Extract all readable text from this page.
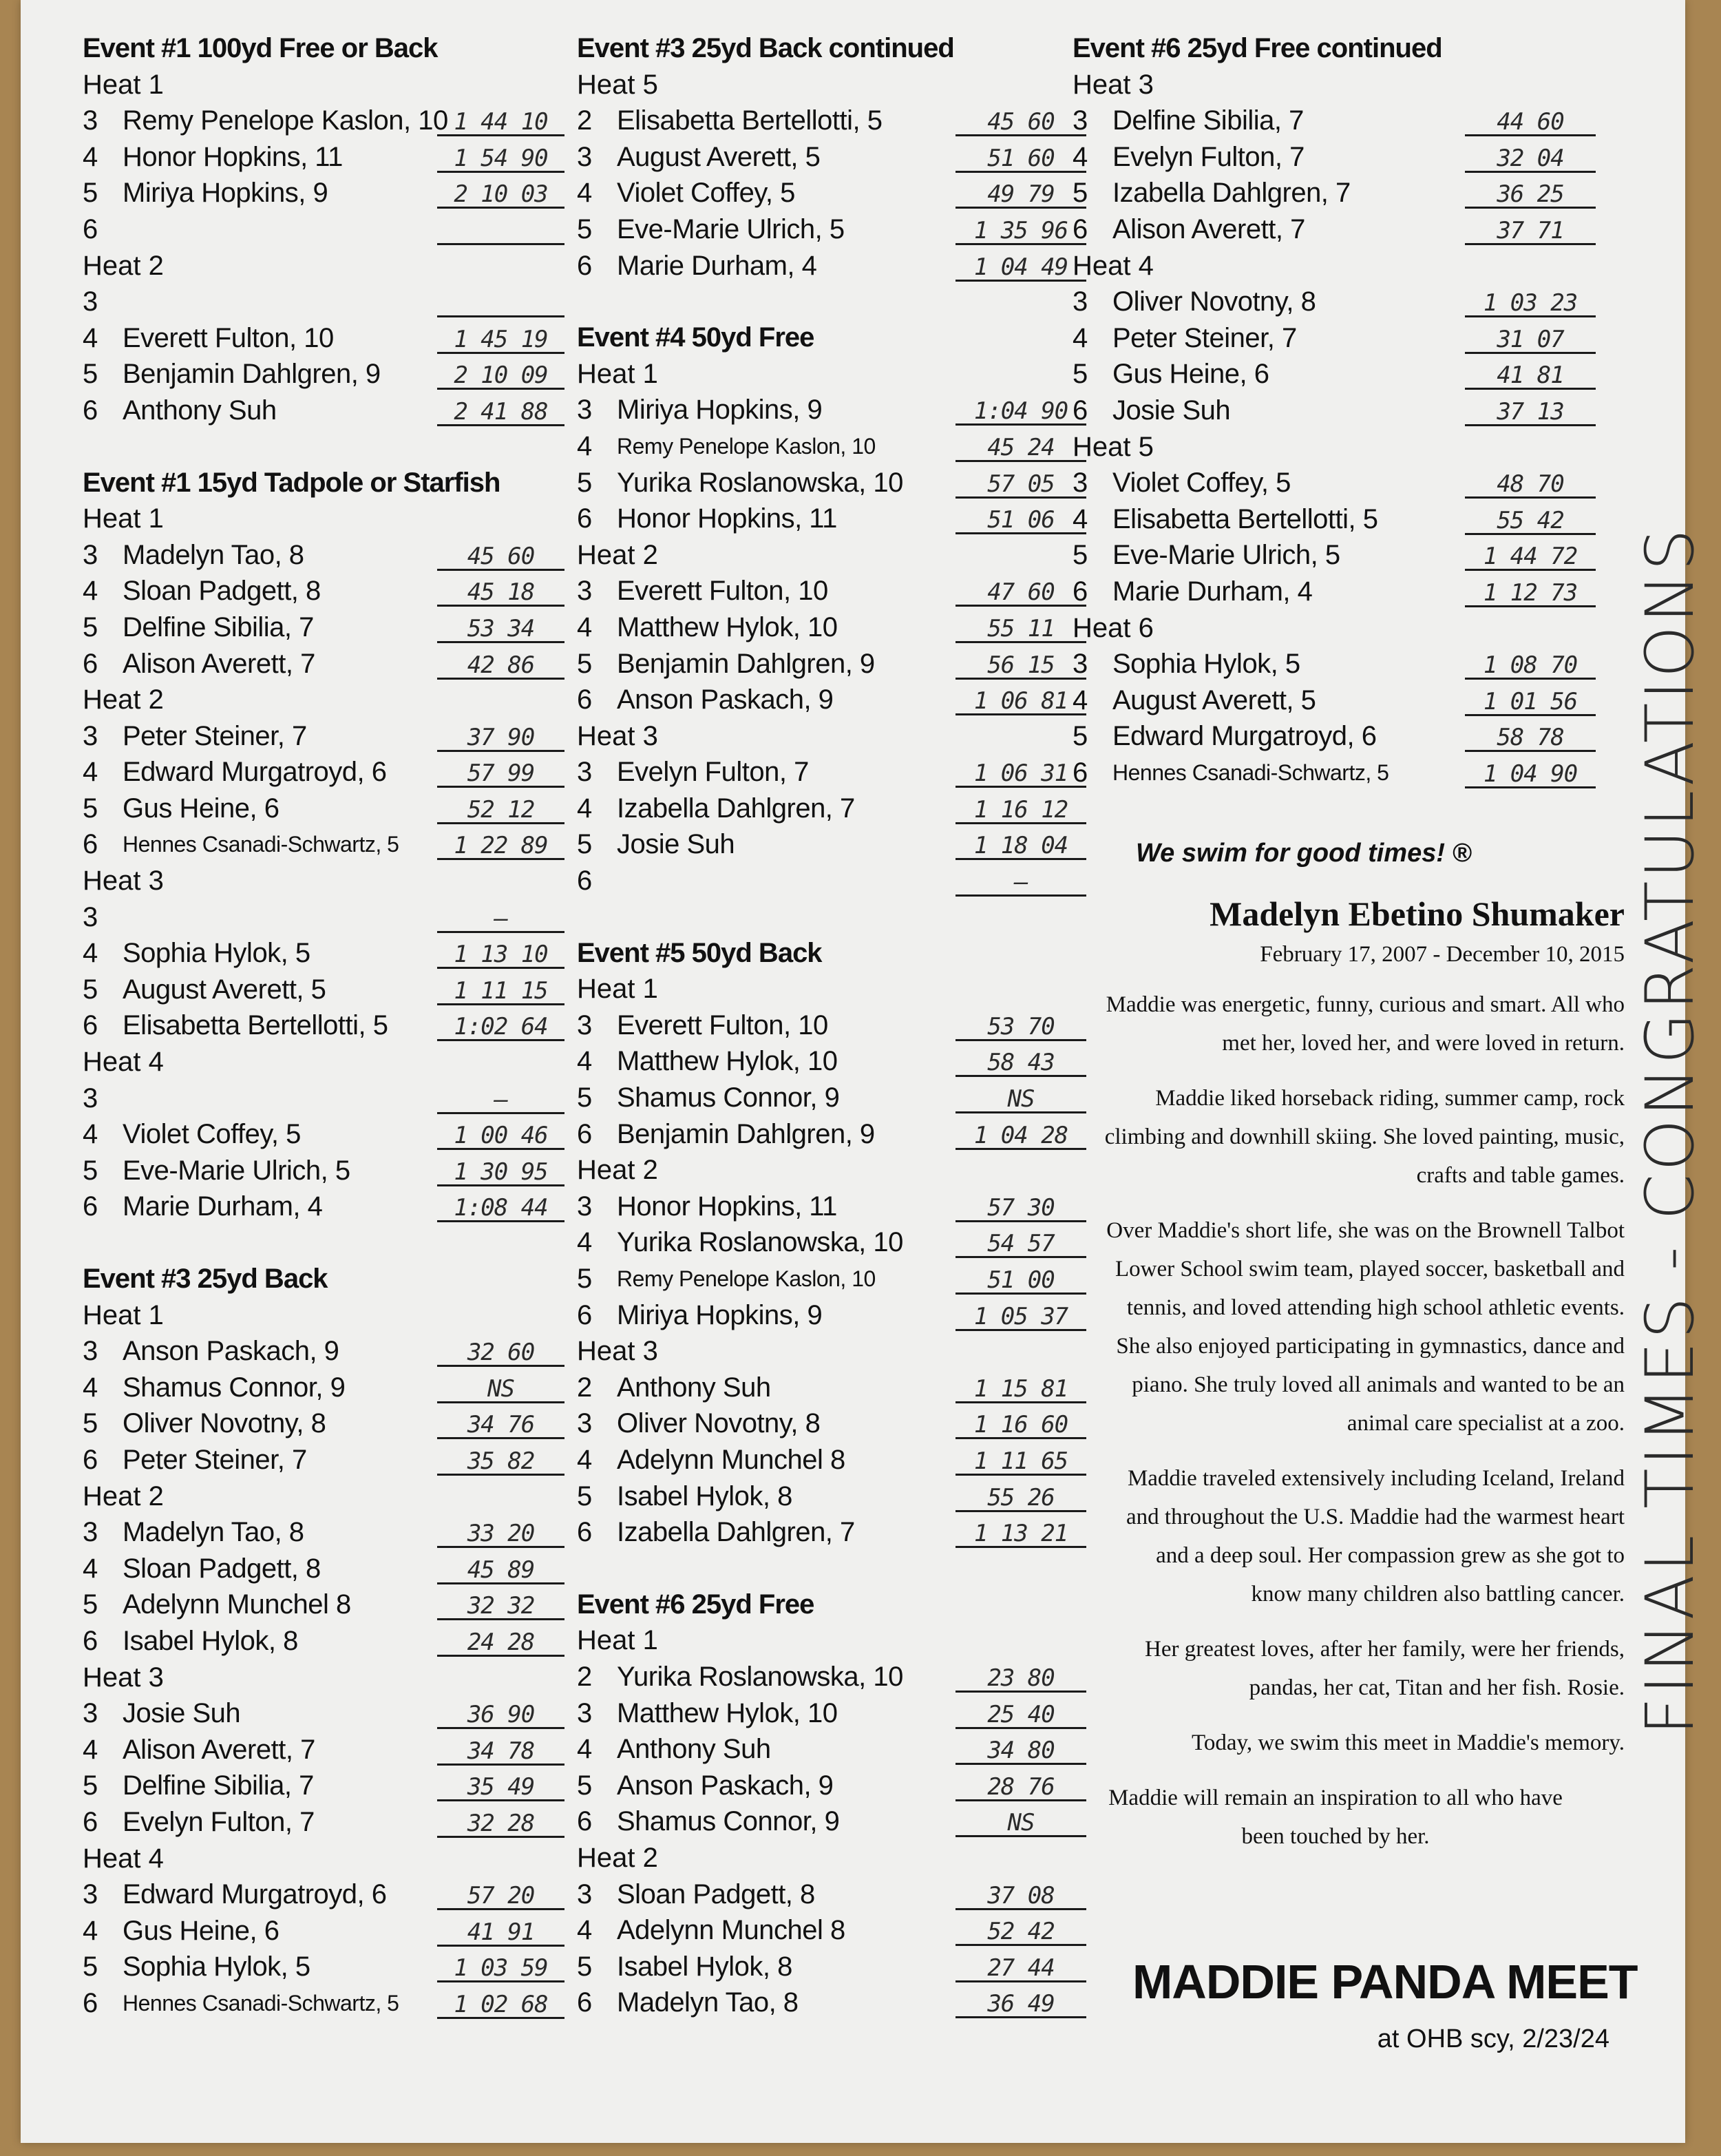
Event #1 100yd Free or Back
Heat 1
3 Remy Penelope Kaslon, 10 1 44 10
4 Honor Hopkins, 11	1 54 90
5 Miriya Hopkins, 9	2 10 03
6
Heat 2
3
4 Everett Fulton, 10	1 45 19
5 Benjamin Dahlgren, 9	2 10 09
6 Anthony Suh	2 41 88
Event #1 15yd Tadpole or Starfish
Heat 1
3 Madelyn Tao, 8	45 60
4 Sloan Padgett, 8	45 18
5 Delfine Sibilia, 7	53 34
6 Alison Averett, 7	42 86
Heat 2
3 Peter Steiner, 7	37 90
4 Edward Murgatroyd, 6	57 99
5 Gus Heine, 6	52 12
6	Hennes Csanadi-Schwartz, 5	1 22 89
Heat 3
3	—
4 Sophia Hylok, 5	1 13 10
5 August Averett, 5	1 11 15
6 Elisabetta Bertellotti, 5	1:02 64
Heat 4
3	—
4 Violet Coffey, 5	1 00 46
5 Eve-Marie Ulrich, 5	1 30 95
6 Marie Durham, 4	1:08 44
Event #3 25yd Back
Heat 1
3 Anson Paskach, 9	32 60
4 Shamus Connor, 9	NS
5 Oliver Novotny, 8	34 76
6 Peter Steiner, 7	35 82
Heat 2
3 Madelyn Tao, 8	33 20
4 Sloan Padgett, 8	45 89
5 Adelynn Munchel 8	32 32
6 Isabel Hylok, 8	24 28
Heat 3
3 Josie Suh	36 90
4 Alison Averett, 7	34 78
5 Delfine Sibilia, 7	35 49
6 Evelyn Fulton, 7	32 28
Heat 4
3 Edward Murgatroyd, 6	57 20
4 Gus Heine, 6	41 91
5 Sophia Hylok, 5	1 03 59
6	Hennes Csanadi-Schwartz, 5	1 02 68
Event #3 25yd Back continued
Heat 5
2 Elisabetta Bertellotti, 5	45 60
3 August Averett, 5	51 60
4 Violet Coffey, 5	49 79
5 Eve-Marie Ulrich, 5	1 35 96
6 Marie Durham, 4	1 04 49
Event #4 50yd Free
Heat 1
3 Miriya Hopkins, 9	1:04 90
4	Remy Penelope Kaslon, 10	45 24
5 Yurika Roslanowska, 10	57 05
6 Honor Hopkins, 11	51 06
Heat 2
3 Everett Fulton, 10	47 60
4 Matthew Hylok, 10	55 11
5 Benjamin Dahlgren, 9	56 15
6 Anson Paskach, 9	1 06 81
Heat 3
3 Evelyn Fulton, 7	1 06 31
4 Izabella Dahlgren, 7	1 16 12
5 Josie Suh	1 18 04
6	—
Event #5 50yd Back
Heat 1
3 Everett Fulton, 10	53 70
4 Matthew Hylok, 10	58 43
5 Shamus Connor, 9	NS
6 Benjamin Dahlgren, 9	1 04 28
Heat 2
3 Honor Hopkins, 11	57 30
4 Yurika Roslanowska, 10	54 57
5	Remy Penelope Kaslon, 10	51 00
6 Miriya Hopkins, 9	1 05 37
Heat 3
2 Anthony Suh	1 15 81
3 Oliver Novotny, 8	1 16 60
4 Adelynn Munchel 8	1 11 65
5 Isabel Hylok, 8	55 26
6 Izabella Dahlgren, 7	1 13 21
Event #6 25yd Free
Heat 1
2 Yurika Roslanowska, 10	23 80
3 Matthew Hylok, 10	25 40
4 Anthony Suh	34 80
5 Anson Paskach, 9	28 76
6 Shamus Connor, 9	NS
Heat 2
3 Sloan Padgett, 8	37 08
4 Adelynn Munchel 8	52 42
5 Isabel Hylok, 8	27 44
6 Madelyn Tao, 8	36 49
Event #6 25yd Free continued
Heat 3
3 Delfine Sibilia, 7	44 60
4 Evelyn Fulton, 7	32 04
5 Izabella Dahlgren, 7	36 25
6 Alison Averett, 7	37 71
Heat 4
3 Oliver Novotny, 8	1 03 23
4 Peter Steiner, 7	31 07
5 Gus Heine, 6	41 81
6 Josie Suh	37 13
Heat 5
3 Violet Coffey, 5	48 70
4 Elisabetta Bertellotti, 5	55 42
5 Eve-Marie Ulrich, 5	1 44 72
6 Marie Durham, 4	1 12 73
Heat 6
3 Sophia Hylok, 5	1 08 70
4 August Averett, 5	1 01 56
5 Edward Murgatroyd, 6	58 78
6	Hennes Csanadi-Schwartz, 5	1 04 90
We swim for good times! ®

Madelyn Ebetino Shumaker

February 17, 2007 - December 10, 2015

Maddie was energetic, funny, curious and smart. All who met her, loved her, and were loved in return.

Maddie liked horseback riding, summer camp, rock climbing and downhill skiing. She loved painting, music, crafts and table games.

Over Maddie's short life, she was on the Brownell Talbot Lower School swim team, played soccer, basketball and tennis, and loved attending high school athletic events. She also enjoyed participating in gymnastics, dance and piano. She truly loved all animals and wanted to be an animal care specialist at a zoo.

Maddie traveled extensively including Iceland, Ireland and throughout the U.S. Maddie had the warmest heart and a deep soul. Her compassion grew as she got to know many children also battling cancer.

Her greatest loves, after her family, were her friends, pandas, her cat, Titan and her fish. Rosie.

Today, we swim this meet in Maddie's memory.

Maddie will remain an inspiration to all who have been touched by her.

MADDIE PANDA MEET
at OHB scy, 2/23/24
FINAL TIMES - CONGRATULATIONS
